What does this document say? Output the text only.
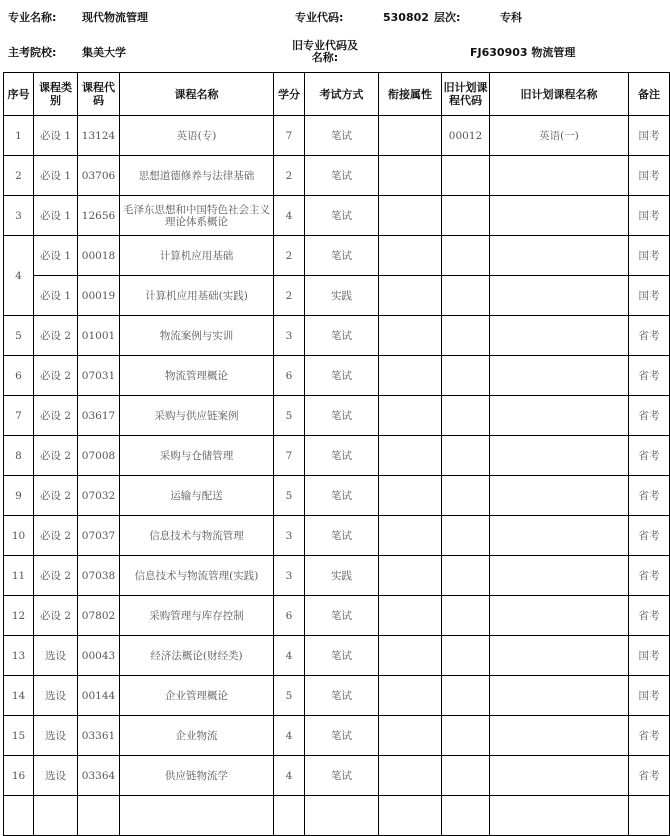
专业名称: 现代物流管理	专业代码:	530802 层次:	专科
主考院校: 集美大学
旧专业代码及
名称:	FJ630903 物流管理
序号	课程类别	课程代码	课程名称	学分	考试方式	衔接属性	旧计划课程代码	旧计划课程名称	备注
1	必设 1	13124	英语(专)	7	笔试		00012	英语(一)	国考
2	必设 1	03706	思想道德修养与法律基础	2	笔试				国考
3	必设 1	12656	毛泽东思想和中国特色社会主义理论体系概论	4	笔试				国考
4	必设 1	00018	计算机应用基础	2	笔试				国考
	必设 1	00019	计算机应用基础(实践)	2	实践				国考
5	必设 2	01001	物流案例与实训	3	笔试				省考
6	必设 2	07031	物流管理概论	6	笔试				省考
7	必设 2	03617	采购与供应链案例	5	笔试				省考
8	必设 2	07008	采购与仓储管理	7	笔试				省考
9	必设 2	07032	运输与配送	5	笔试				省考
10	必设 2	07037	信息技术与物流管理	3	笔试				省考
11	必设 2	07038	信息技术与物流管理(实践)	3	实践				省考
12	必设 2	07802	采购管理与库存控制	6	笔试				省考
13	选设	00043	经济法概论(财经类)	4	笔试				国考
14	选设	00144	企业管理概论	5	笔试				国考
15	选设	03361	企业物流	4	笔试				省考
16	选设	03364	供应链物流学	4	笔试				省考
